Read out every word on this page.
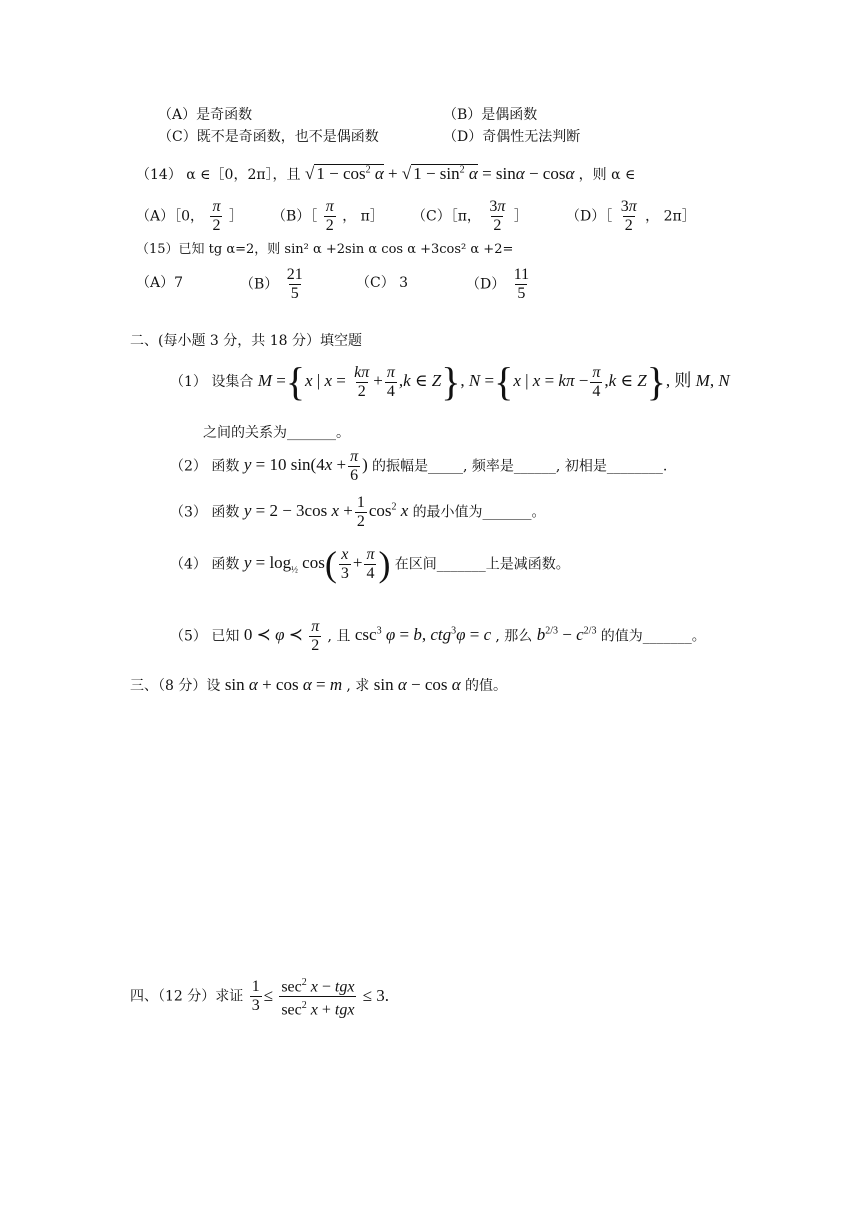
（A）是奇函数	（B）是偶函数
（C）既不是奇函数，也不是偶函数	（D）奇偶性无法判断
（14） α ∈［0，2π］，且 √ $1 - \cos^2 \alpha$ + √ $1 - \sin^2 \alpha = \sin\alpha - \cos\alpha$ ，则 α ∈
（A）［0， $\frac{\pi}{2}$ ］ （B）［ $\frac{\pi}{2}$ ， π］ （C）［π， $\frac{3\pi}{2}$ ］	（D）［ $\frac{3\pi}{2}$ ， 2π］
（15）已知 tg α=2，则 sin² α +2sin α cos α +3cos² α +2=
（A）7	$(B) \frac{21}{5}$	（C） 3	$(D) \frac{11}{5}$
二、(每小题 3 分，共 18 分）填空题
（1） 设集合 M ={x | $x = \frac{k\pi}{2} + \frac{\pi}{4} ,k$ ∈ Z}, N ={x | $x = k\pi - \frac{\pi}{4} ,k$ ∈ Z}, 则 M, N
之间的关系为_______。
（2） 函数 y = 10 $\sin(4x + \frac{\pi}{6}$ ) 的振幅是_____, 频率是______, 初相是________.
（3） 函数 y = 2 − 3cos $x + \frac{1}{2} \cos^2 x$ 的最小值为_______。
（4） 函数 $y = \log_{\frac{1}{2}} \cos( \frac{x}{3} + \frac{\pi}{4}$ ) 在区间_______上是减函数。
（5） 已知 0 ≺ φ ≺ $\frac{\pi}{2}$ , 且 $\csc^3 \varphi = b$, ctg$^3$φ = c , 那么 $b^{2/3} - c^{2/3}$ 的值为_______。
三、（8 分）设 sin α + cos α = m , 求 sin α − cos α 的值。
四、（12 分）求证 $\frac{1}{3} \le \frac{\sec^2 x - tgx}{\sec^2 x + tgx} \le 3$.
